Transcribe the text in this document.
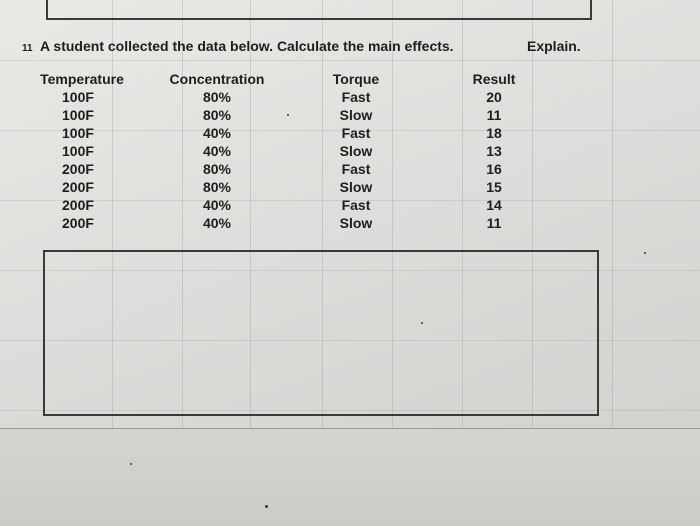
11 A student collected the data below. Calculate the main effects.	Explain.
Temperature
100F
100F
100F
100F
200F
200F
200F
200F
Concentration
80%
80%
40%
40%
80%
80%
40%
40%
Torque
Fast
Slow
Fast
Slow
Fast
Slow
Fast
Slow
Result
20
11
18
13
16
15
14
11
